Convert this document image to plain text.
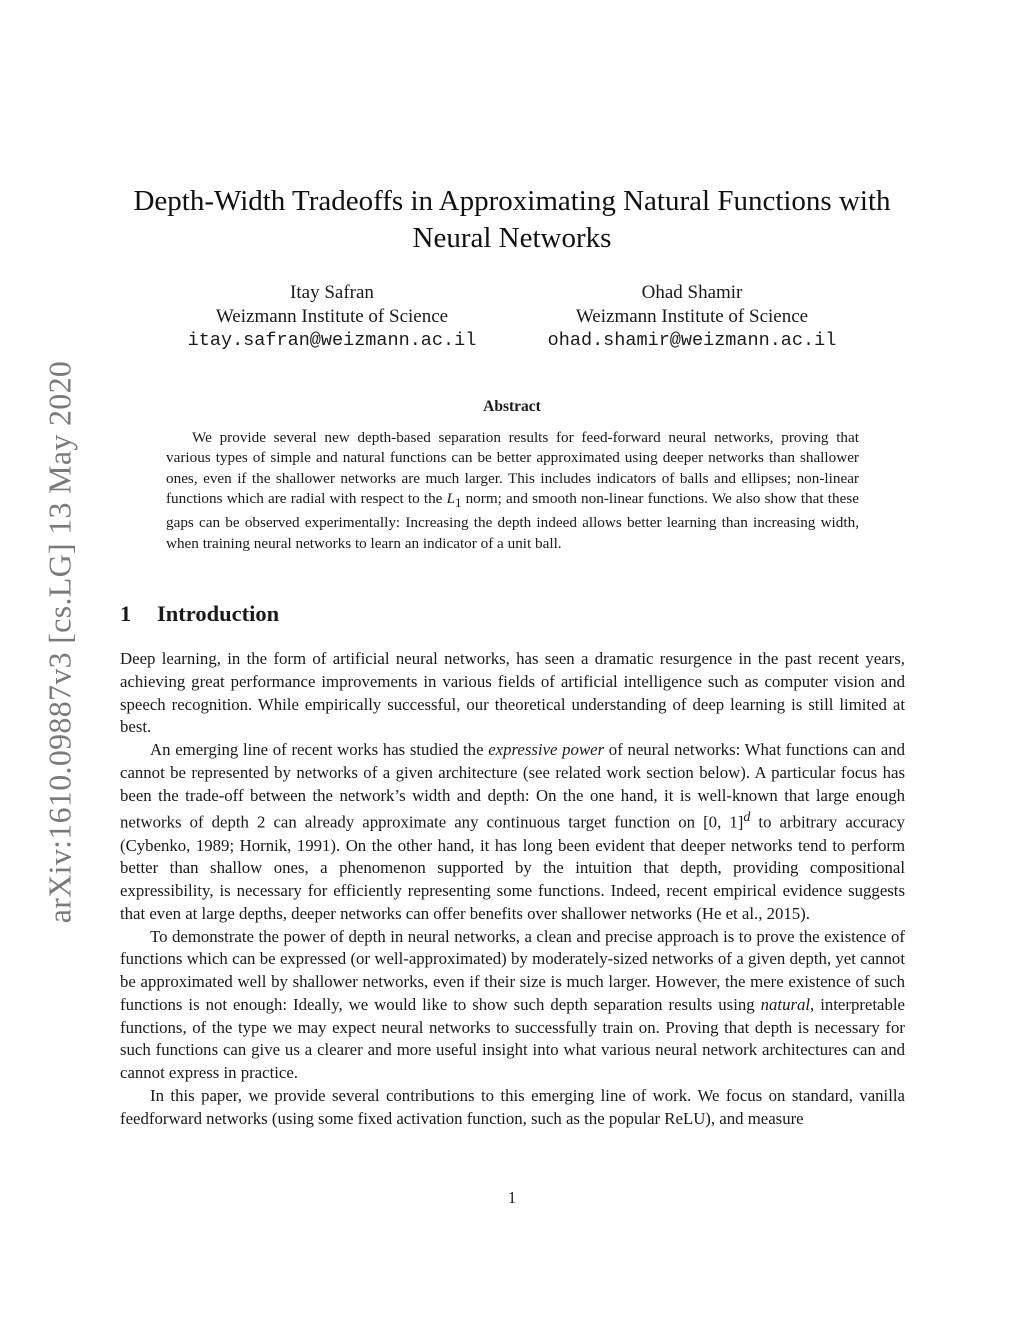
arXiv:1610.09887v3 [cs.LG] 13 May 2020
Depth-Width Tradeoffs in Approximating Natural Functions with
Neural Networks
Itay Safran
Weizmann Institute of Science
itay.safran@weizmann.ac.il
Ohad Shamir
Weizmann Institute of Science
ohad.shamir@weizmann.ac.il
Abstract
We provide several new depth-based separation results for feed-forward neural networks, proving that various types of simple and natural functions can be better approximated using deeper networks than shallower ones, even if the shallower networks are much larger. This includes indicators of balls and ellipses; non-linear functions which are radial with respect to the $L_1$ norm; and smooth non-linear functions. We also show that these gaps can be observed experimentally: Increasing the depth indeed allows better learning than increasing width, when training neural networks to learn an indicator of a unit ball.
1 Introduction

Deep learning, in the form of artificial neural networks, has seen a dramatic resurgence in the past recent years, achieving great performance improvements in various fields of artificial intelligence such as computer vision and speech recognition. While empirically successful, our theoretical understanding of deep learning is still limited at best.

An emerging line of recent works has studied the expressive power of neural networks: What functions can and cannot be represented by networks of a given architecture (see related work section below). A particular focus has been the trade-off between the network’s width and depth: On the one hand, it is well-known that large enough networks of depth 2 can already approximate any continuous target function on [0, 1]$^d$ to arbitrary accuracy (Cybenko, 1989; Hornik, 1991). On the other hand, it has long been evident that deeper networks tend to perform better than shallow ones, a phenomenon supported by the intuition that depth, providing compositional expressibility, is necessary for efficiently representing some functions. Indeed, recent empirical evidence suggests that even at large depths, deeper networks can offer benefits over shallower networks (He et al., 2015).

To demonstrate the power of depth in neural networks, a clean and precise approach is to prove the existence of functions which can be expressed (or well-approximated) by moderately-sized networks of a given depth, yet cannot be approximated well by shallower networks, even if their size is much larger. However, the mere existence of such functions is not enough: Ideally, we would like to show such depth separation results using natural, interpretable functions, of the type we may expect neural networks to successfully train on. Proving that depth is necessary for such functions can give us a clearer and more useful insight into what various neural network architectures can and cannot express in practice.

In this paper, we provide several contributions to this emerging line of work. We focus on standard, vanilla feedforward networks (using some fixed activation function, such as the popular ReLU), and measure

1
